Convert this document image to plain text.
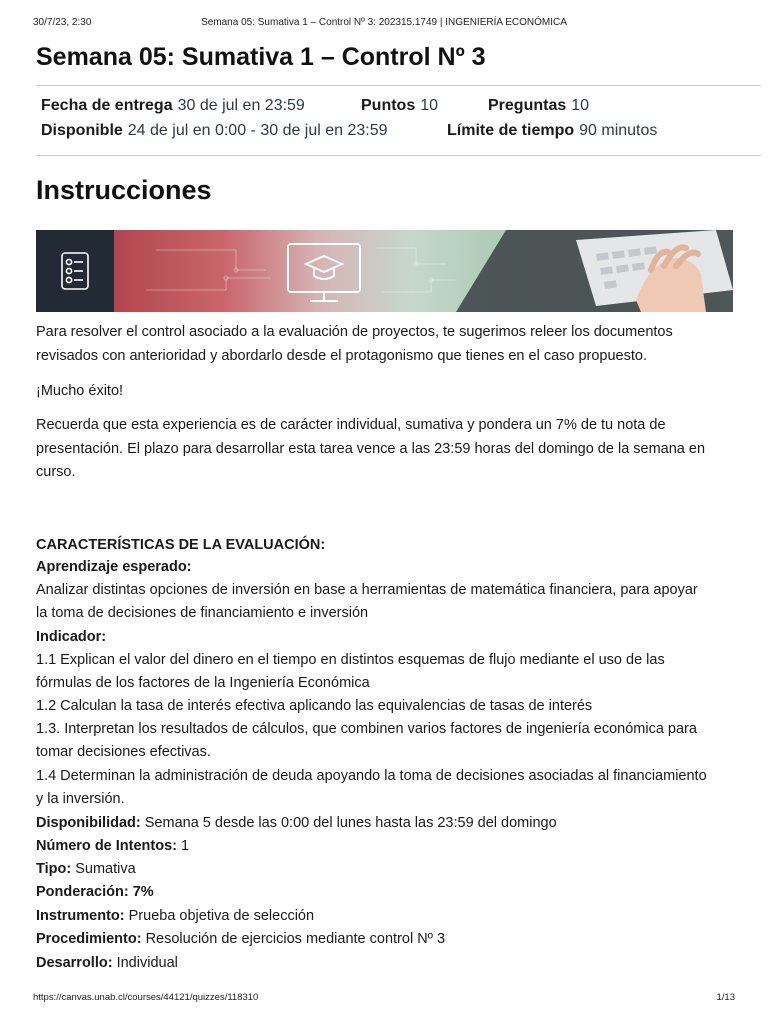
30/7/23, 2:30	Semana 05: Sumativa 1 – Control Nº 3: 202315.1749 | INGENIERÍA ECONÓMICA
Semana 05: Sumativa 1 – Control Nº 3
Fecha de entrega 30 de jul en 23:59	Puntos 10	Preguntas 10
Disponible 24 de jul en 0:00 - 30 de jul en 23:59	Límite de tiempo 90 minutos
Instrucciones

Para resolver el control asociado a la evaluación de proyectos, te sugerimos releer los documentos revisados con anterioridad y abordarlo desde el protagonismo que tienes en el caso propuesto.

¡Mucho éxito!

Recuerda que esta experiencia es de carácter individual, sumativa y pondera un 7% de tu nota de presentación. El plazo para desarrollar esta tarea vence a las 23:59 horas del domingo de la semana en curso.

CARACTERÍSTICAS DE LA EVALUACIÓN:
Aprendizaje esperado:
Analizar distintas opciones de inversión en base a herramientas de matemática financiera, para apoyar
la toma de decisiones de financiamiento e inversión
Indicador:
1.1 Explican el valor del dinero en el tiempo en distintos esquemas de flujo mediante el uso de las
fórmulas de los factores de la Ingeniería Económica
1.2 Calculan la tasa de interés efectiva aplicando las equivalencias de tasas de interés
1.3. Interpretan los resultados de cálculos, que combinen varios factores de ingeniería económica para
tomar decisiones efectivas.
1.4 Determinan la administración de deuda apoyando la toma de decisiones asociadas al financiamiento
y la inversión.
Disponibilidad: Semana 5 desde las 0:00 del lunes hasta las 23:59 del domingo
Número de Intentos: 1
Tipo: Sumativa
Ponderación: 7%
Instrumento: Prueba objetiva de selección
Procedimiento: Resolución de ejercicios mediante control Nº 3
Desarrollo: Individual
https://canvas.unab.cl/courses/44121/quizzes/118310	1/13
